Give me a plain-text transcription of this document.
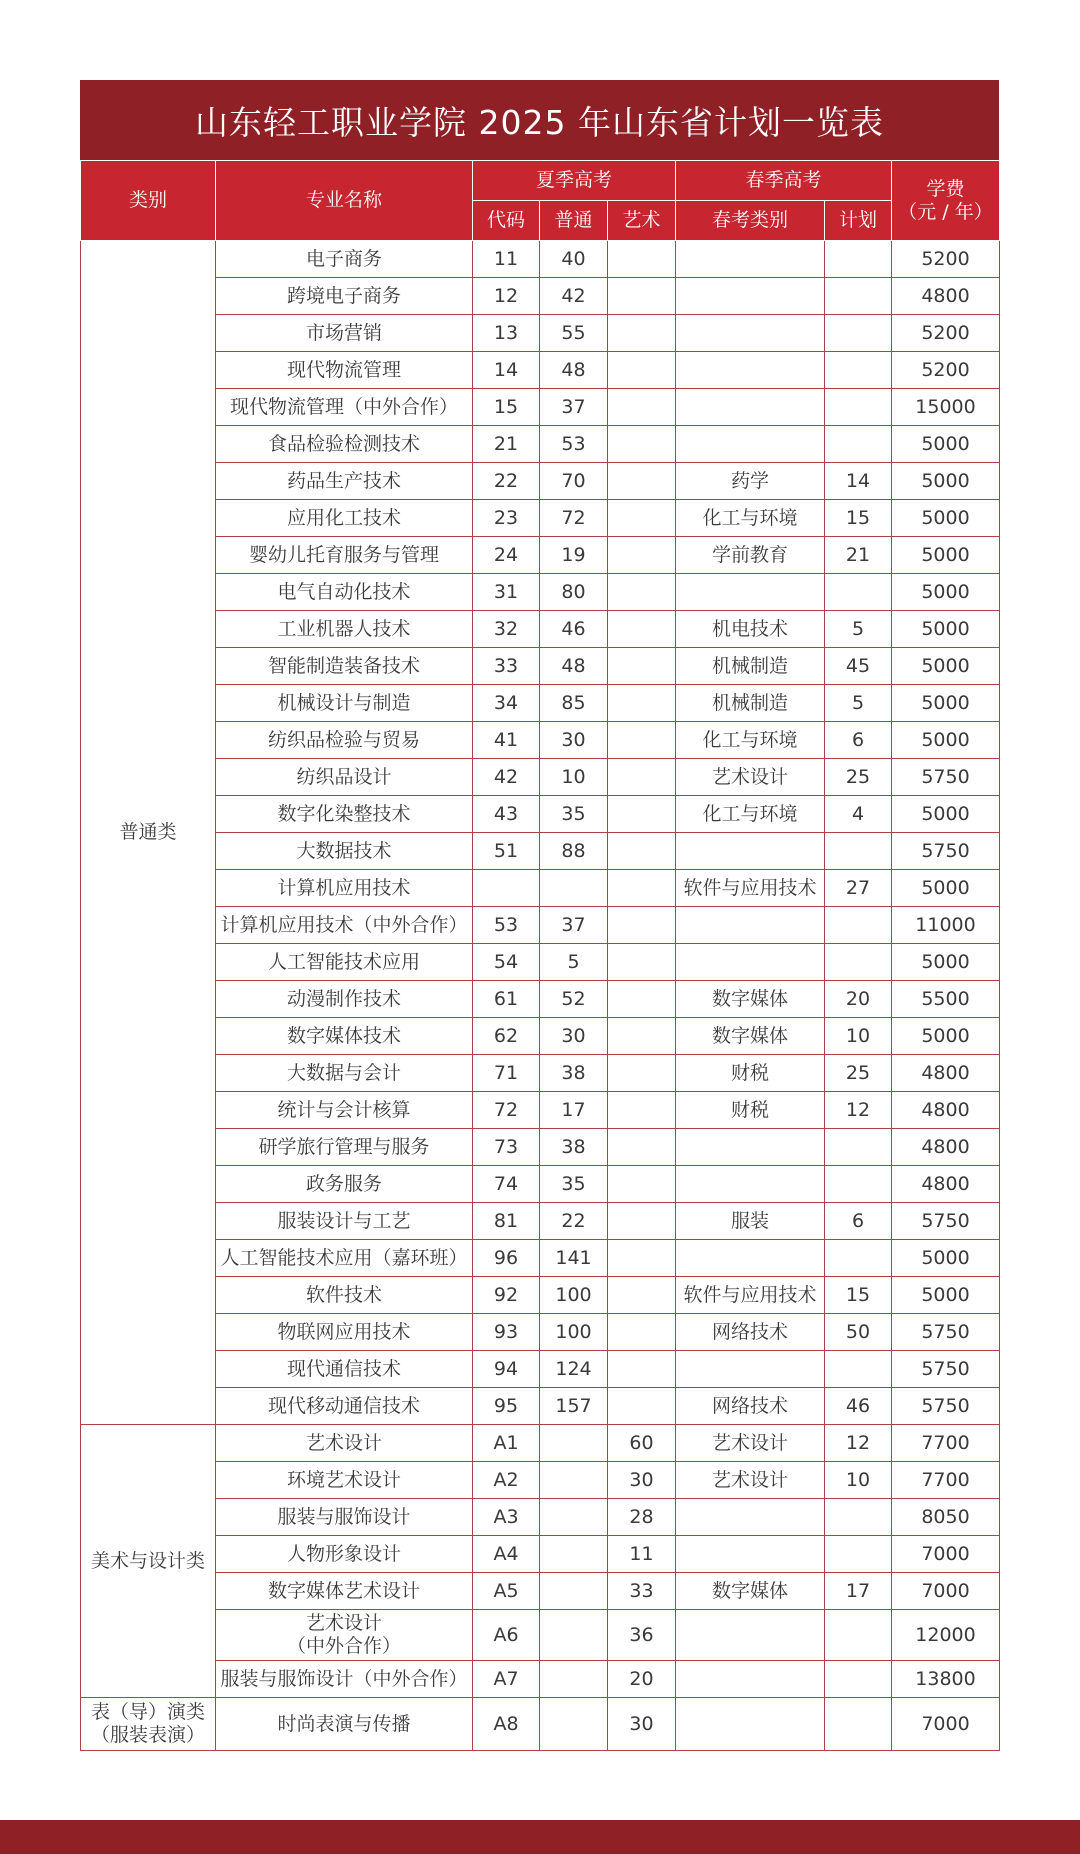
山东轻工职业学院 2025 年山东省计划一览表
类别	专业名称	夏季高考			春季高考		学费
（元 / 年）
		代码	普通	艺术	春考类别	计划	
普通类	电子商务	11	40				5200
	跨境电子商务	12	42				4800
	市场营销	13	55				5200
	现代物流管理	14	48				5200
	现代物流管理（中外合作）	15	37				15000
	食品检验检测技术	21	53				5000
	药品生产技术	22	70		药学	14	5000
	应用化工技术	23	72		化工与环境	15	5000
	婴幼儿托育服务与管理	24	19		学前教育	21	5000
	电气自动化技术	31	80				5000
	工业机器人技术	32	46		机电技术	5	5000
	智能制造装备技术	33	48		机械制造	45	5000
	机械设计与制造	34	85		机械制造	5	5000
	纺织品检验与贸易	41	30		化工与环境	6	5000
	纺织品设计	42	10		艺术设计	25	5750
	数字化染整技术	43	35		化工与环境	4	5000
	大数据技术	51	88				5750
	计算机应用技术				软件与应用技术	27	5000
	计算机应用技术（中外合作）	53	37				11000
	人工智能技术应用	54	5				5000
	动漫制作技术	61	52		数字媒体	20	5500
	数字媒体技术	62	30		数字媒体	10	5000
	大数据与会计	71	38		财税	25	4800
	统计与会计核算	72	17		财税	12	4800
	研学旅行管理与服务	73	38				4800
	政务服务	74	35				4800
	服装设计与工艺	81	22		服装	6	5750
	人工智能技术应用（嘉环班）	96	141				5000
	软件技术	92	100		软件与应用技术	15	5000
	物联网应用技术	93	100		网络技术	50	5750
	现代通信技术	94	124				5750
	现代移动通信技术	95	157		网络技术	46	5750
美术与设计类	艺术设计	A1		60	艺术设计	12	7700
	环境艺术设计	A2		30	艺术设计	10	7700
	服装与服饰设计	A3		28			8050
	人物形象设计	A4		11			7000
	数字媒体艺术设计	A5		33	数字媒体	17	7000
	艺术设计
（中外合作）	A6		36			12000
	服装与服饰设计（中外合作）	A7		20			13800
表（导）演类
（服装表演）	时尚表演与传播	A8		30			7000
